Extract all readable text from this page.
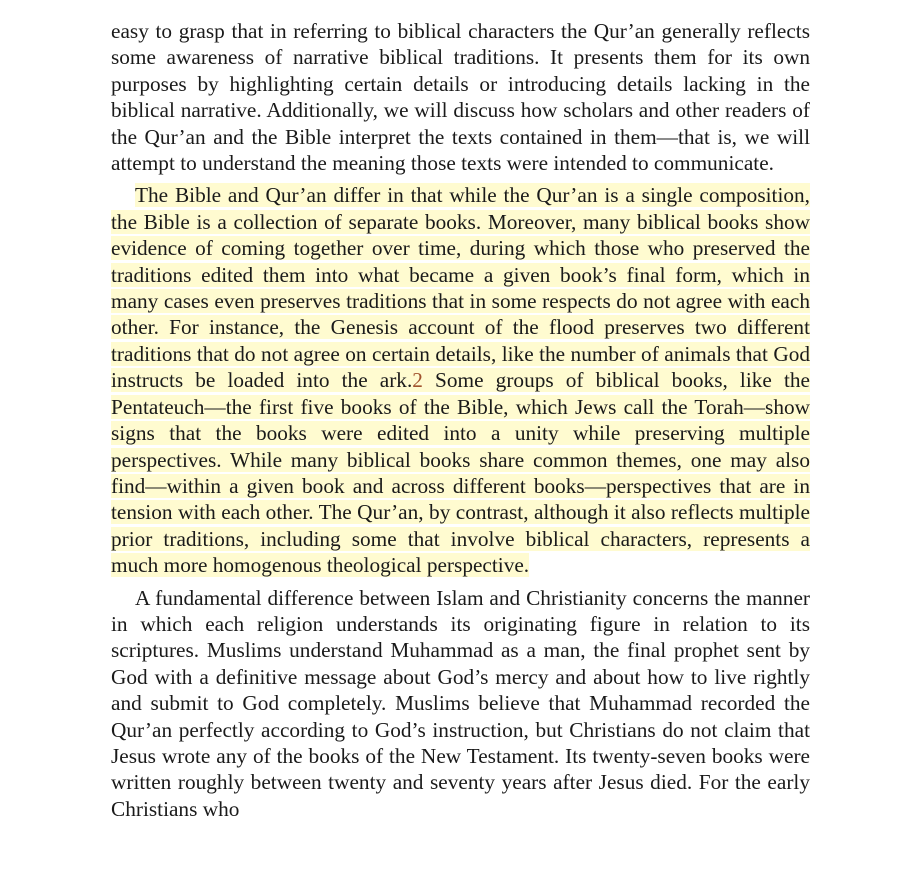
easy to grasp that in referring to biblical characters the Qur’an generally reflects some awareness of narrative biblical traditions. It presents them for its own purposes by highlighting certain details or introducing details lacking in the biblical narrative. Additionally, we will discuss how scholars and other readers of the Qur’an and the Bible interpret the texts contained in them—that is, we will attempt to understand the meaning those texts were intended to communicate.

The Bible and Qur’an differ in that while the Qur’an is a single composition, the Bible is a collection of separate books. Moreover, many biblical books show evidence of coming together over time, during which those who preserved the traditions edited them into what became a given book’s final form, which in many cases even preserves traditions that in some respects do not agree with each other. For instance, the Genesis account of the flood preserves two different traditions that do not agree on certain details, like the number of animals that God instructs be loaded into the ark.2 Some groups of biblical books, like the Pentateuch—the first five books of the Bible, which Jews call the Torah—show signs that the books were edited into a unity while preserving multiple perspectives. While many biblical books share common themes, one may also find—within a given book and across different books—perspectives that are in tension with each other. The Qur’an, by contrast, although it also reflects multiple prior traditions, including some that involve biblical characters, represents a much more homogenous theological perspective.

A fundamental difference between Islam and Christianity concerns the manner in which each religion understands its originating figure in relation to its scriptures. Muslims understand Muhammad as a man, the final prophet sent by God with a definitive message about God’s mercy and about how to live rightly and submit to God completely. Muslims believe that Muhammad recorded the Qur’an perfectly according to God’s instruction, but Christians do not claim that Jesus wrote any of the books of the New Testament. Its twenty-seven books were written roughly between twenty and seventy years after Jesus died. For the early Christians who
